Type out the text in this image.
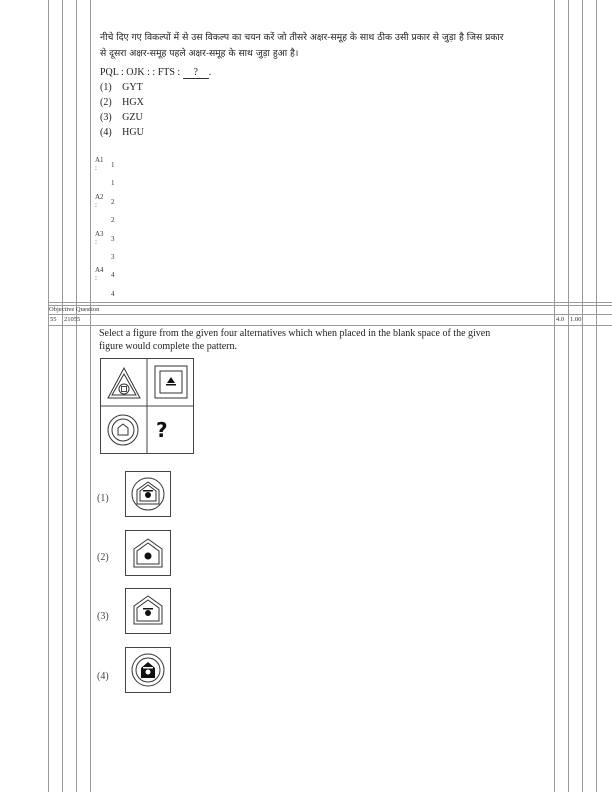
नीचे दिए गए विकल्पों में से उस विकल्प का चयन करें जो तीसरे अक्षर-समूह के साथ ठीक उसी प्रकार से जुड़ा है जिस प्रकार
से दूसरा अक्षर-समूह पहले अक्षर-समूह के साथ जुड़ा हुआ है।
PQL : OJK : : FTS : ? .
(1) GYT
(2) HGX
(3) GZU
(4) HGU
A1
:	1
1
A2
:	2
2
A3
:	3
3
A4
:	4
4
Objective Question
55 21055	4.0 1.00
Select a figure from the given four alternatives which when placed in the blank space of the given
figure would complete the pattern.
?
(1)
(2)
(3)
(4)
